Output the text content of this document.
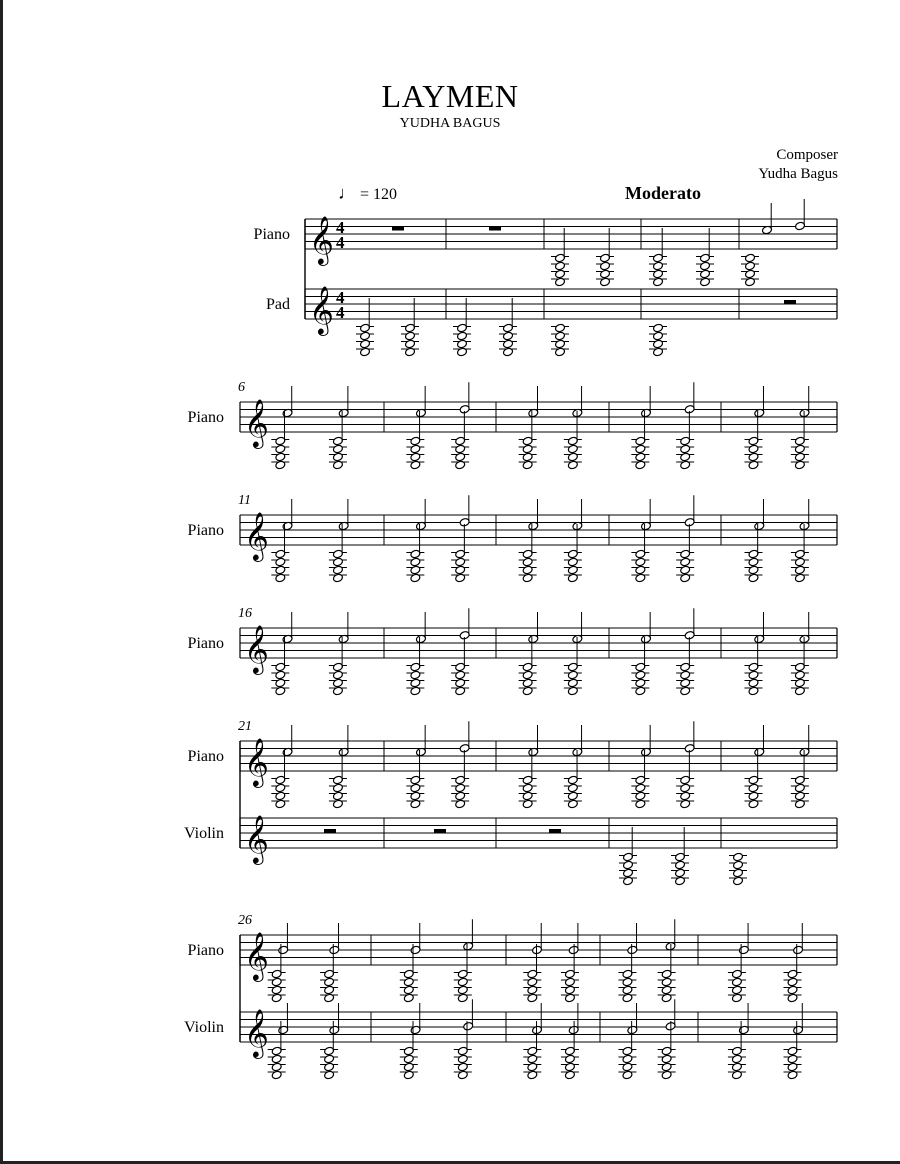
LAYMEN
YUDHA BAGUS
Composer
Yudha Bagus
♩ = 120	Moderato
𝄞 4
4
Piano
𝄞 4
4
Pad
𝄞
Piano
6
𝄞
Piano
11
𝄞
Piano
16
𝄞
Piano
21
𝄞
Violin
𝄞
Piano
26
𝄞
Violin
